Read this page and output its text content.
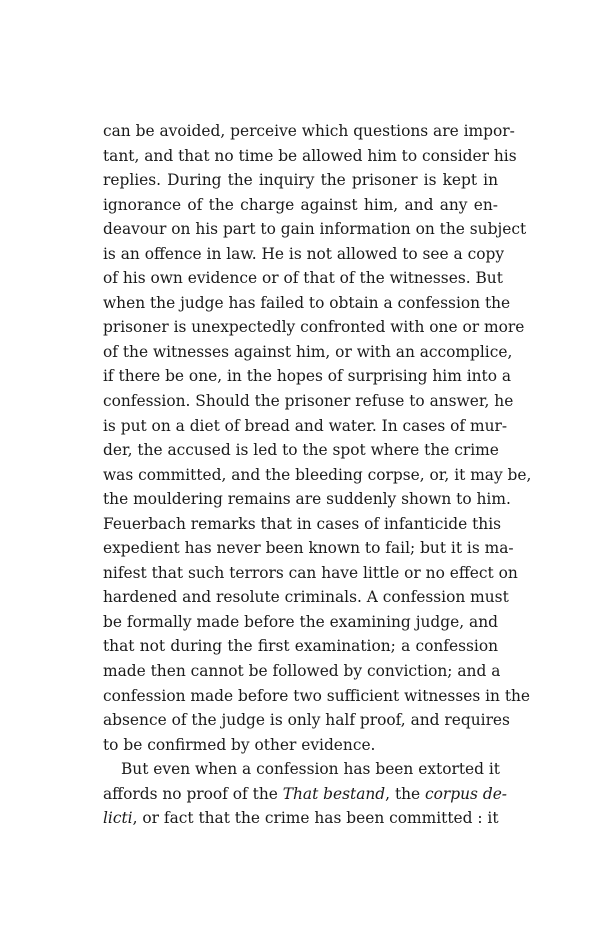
can be avoided, perceive which questions are impor-
tant, and that no time be allowed him to consider his
replies. During the inquiry the prisoner is kept in
ignorance of the charge against him, and any en-
deavour on his part to gain information on the subject
is an offence in law. He is not allowed to see a copy
of his own evidence or of that of the witnesses. But
when the judge has failed to obtain a confession the
prisoner is unexpectedly confronted with one or more
of the witnesses against him, or with an accomplice,
if there be one, in the hopes of surprising him into a
confession. Should the prisoner refuse to answer, he
is put on a diet of bread and water. In cases of mur-
der, the accused is led to the spot where the crime
was committed, and the bleeding corpse, or, it may be,
the mouldering remains are suddenly shown to him.
Feuerbach remarks that in cases of infanticide this
expedient has never been known to fail; but it is ma-
nifest that such terrors can have little or no effect on
hardened and resolute criminals. A confession must
be formally made before the examining judge, and
that not during the first examination; a confession
made then cannot be followed by conviction; and a
confession made before two sufficient witnesses in the
absence of the judge is only half proof, and requires
to be confirmed by other evidence.
But even when a confession has been extorted it
affords no proof of the That bestand, the corpus de-
licti, or fact that the crime has been committed : it
